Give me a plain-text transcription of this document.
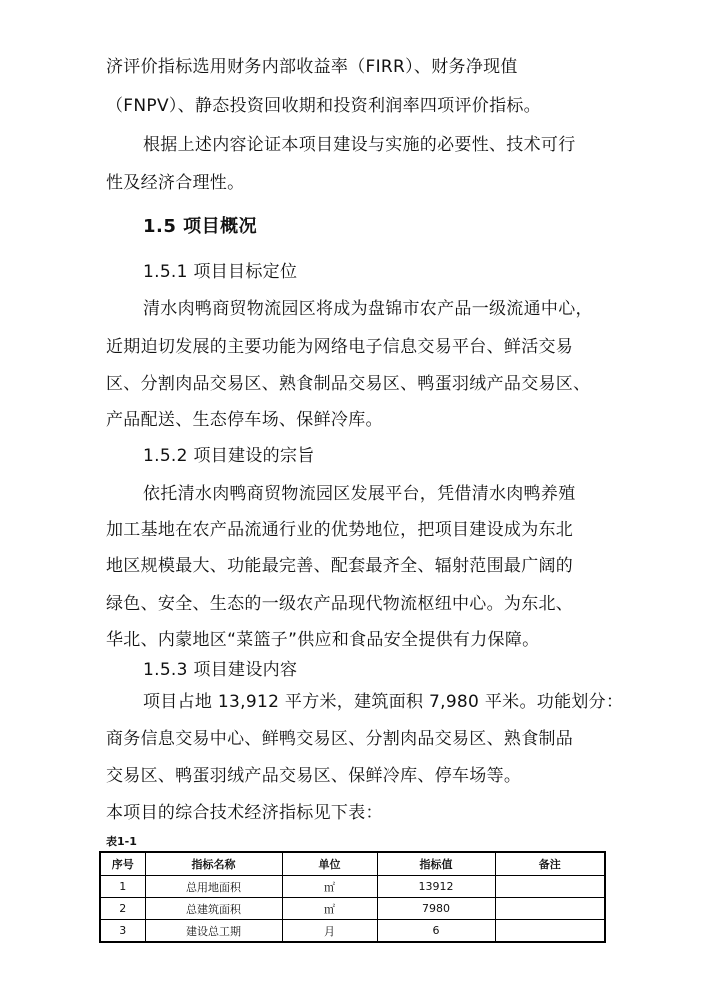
济评价指标选用财务内部收益率（FIRR）、财务净现值
（FNPV）、静态投资回收期和投资利润率四项评价指标。
根据上述内容论证本项目建设与实施的必要性、技术可行
性及经济合理性。
1.5 项目概况
1.5.1 项目目标定位
清水肉鸭商贸物流园区将成为盘锦市农产品一级流通中心，
近期迫切发展的主要功能为网络电子信息交易平台、鲜活交易
区、分割肉品交易区、熟食制品交易区、鸭蛋羽绒产品交易区、
产品配送、生态停车场、保鲜冷库。
1.5.2 项目建设的宗旨
依托清水肉鸭商贸物流园区发展平台，凭借清水肉鸭养殖
加工基地在农产品流通行业的优势地位，把项目建设成为东北
地区规模最大、功能最完善、配套最齐全、辐射范围最广阔的
绿色、安全、生态的一级农产品现代物流枢纽中心。为东北、
华北、内蒙地区“菜篮子”供应和食品安全提供有力保障。
1.5.3 项目建设内容
项目占地 13,912 平方米，建筑面积 7,980 平米。功能划分：
商务信息交易中心、鲜鸭交易区、分割肉品交易区、熟食制品
交易区、鸭蛋羽绒产品交易区、保鲜冷库、停车场等。
本项目的综合技术经济指标见下表：
表1-1
序号	指标名称	单位	指标值	备注
1	总用地面积	㎡	13912	
2	总建筑面积	㎡	7980	
3	建设总工期	月	6	
